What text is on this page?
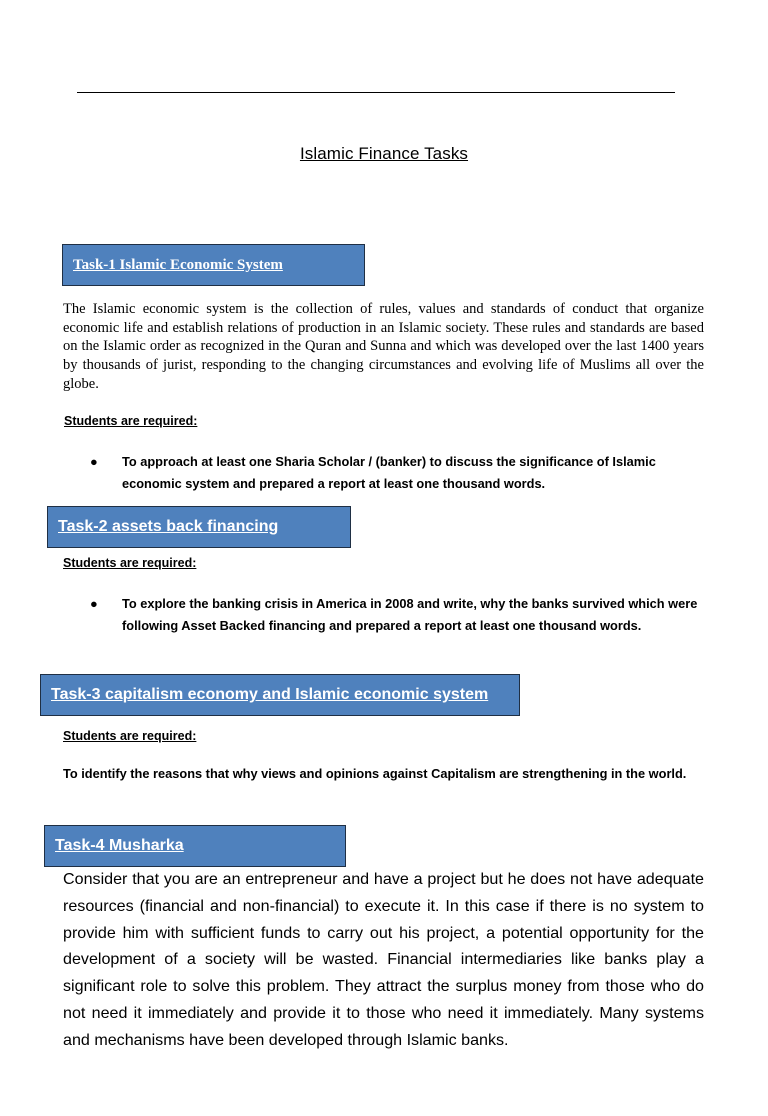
Islamic Finance Tasks
Task-1 Islamic Economic System
The Islamic economic system is the collection of rules, values and standards of conduct that organize economic life and establish relations of production in an Islamic society. These rules and standards are based on the Islamic order as recognized in the Quran and Sunna and which was developed over the last 1400 years by thousands of jurist, responding to the changing circumstances and evolving life of Muslims all over the globe.
Students are required:
●	To approach at least one Sharia Scholar / (banker) to discuss the significance of Islamic economic system and prepared a report at least one thousand words.
Task-2 assets back financing
Students are required:
●	To explore the banking crisis in America in 2008 and write, why the banks survived which were following Asset Backed financing and prepared a report at least one thousand words.
Task-3 capitalism economy and Islamic economic system
Students are required:
To identify the reasons that why views and opinions against Capitalism are strengthening in the world.
Task-4 Musharka
Consider that you are an entrepreneur and have a project but he does not have adequate resources (financial and non-financial) to execute it. In this case if there is no system to provide him with sufficient funds to carry out his project, a potential opportunity for the development of a society will be wasted. Financial intermediaries like banks play a significant role to solve this problem. They attract the surplus money from those who do not need it immediately and provide it to those who need it immediately. Many systems and mechanisms have been developed through Islamic banks.
